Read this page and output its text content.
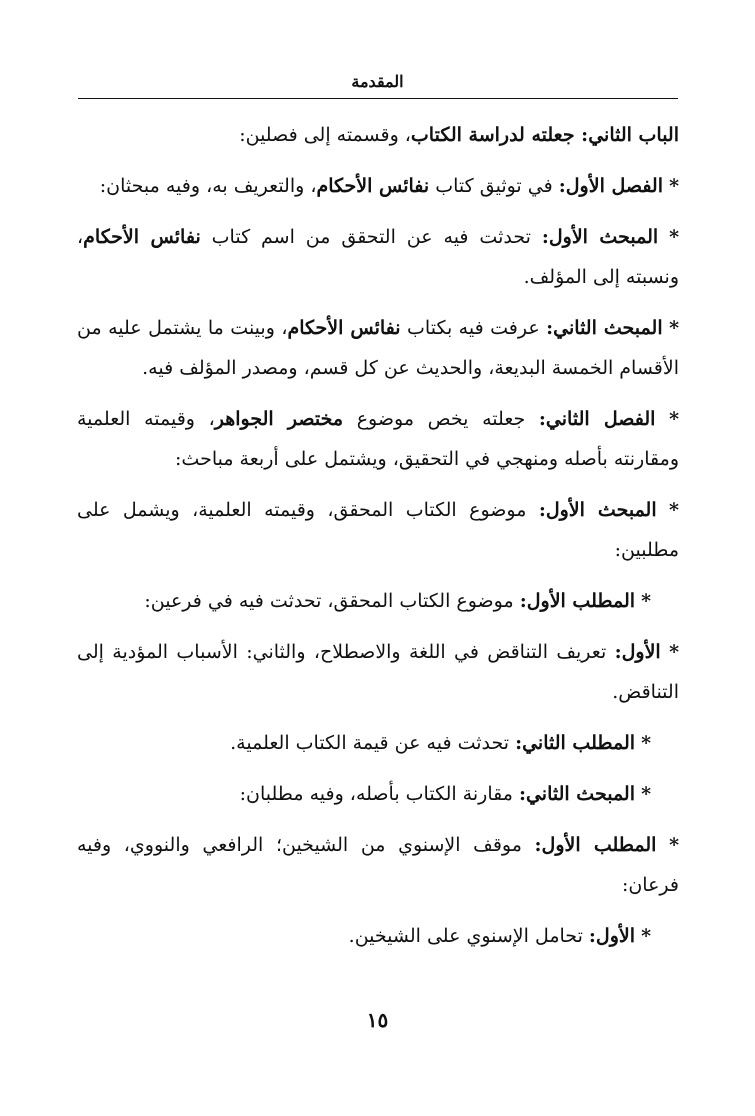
المقدمة

الباب الثاني: جعلته لدراسة الكتاب، وقسمته إلى فصلين:

* الفصل الأول: في توثيق كتاب نفائس الأحكام، والتعريف به، وفيه مبحثان:

* المبحث الأول: تحدثت فيه عن التحقق من اسم كتاب نفائس الأحكام، ونسبته إلى المؤلف.

* المبحث الثاني: عرفت فيه بكتاب نفائس الأحكام، وبينت ما يشتمل عليه من الأقسام الخمسة البديعة، والحديث عن كل قسم، ومصدر المؤلف فيه.

* الفصل الثاني: جعلته يخص موضوع مختصر الجواهر، وقيمته العلمية ومقارنته بأصله ومنهجي في التحقيق، ويشتمل على أربعة مباحث:

* المبحث الأول: موضوع الكتاب المحقق، وقيمته العلمية، ويشمل على مطلبين:

* المطلب الأول: موضوع الكتاب المحقق، تحدثت فيه في فرعين:

* الأول: تعريف التناقض في اللغة والاصطلاح، والثاني: الأسباب المؤدية إلى التناقض.

* المطلب الثاني: تحدثت فيه عن قيمة الكتاب العلمية.

* المبحث الثاني: مقارنة الكتاب بأصله، وفيه مطلبان:

* المطلب الأول: موقف الإسنوي من الشيخين؛ الرافعي والنووي، وفيه فرعان:

* الأول: تحامل الإسنوي على الشيخين.

١٥
